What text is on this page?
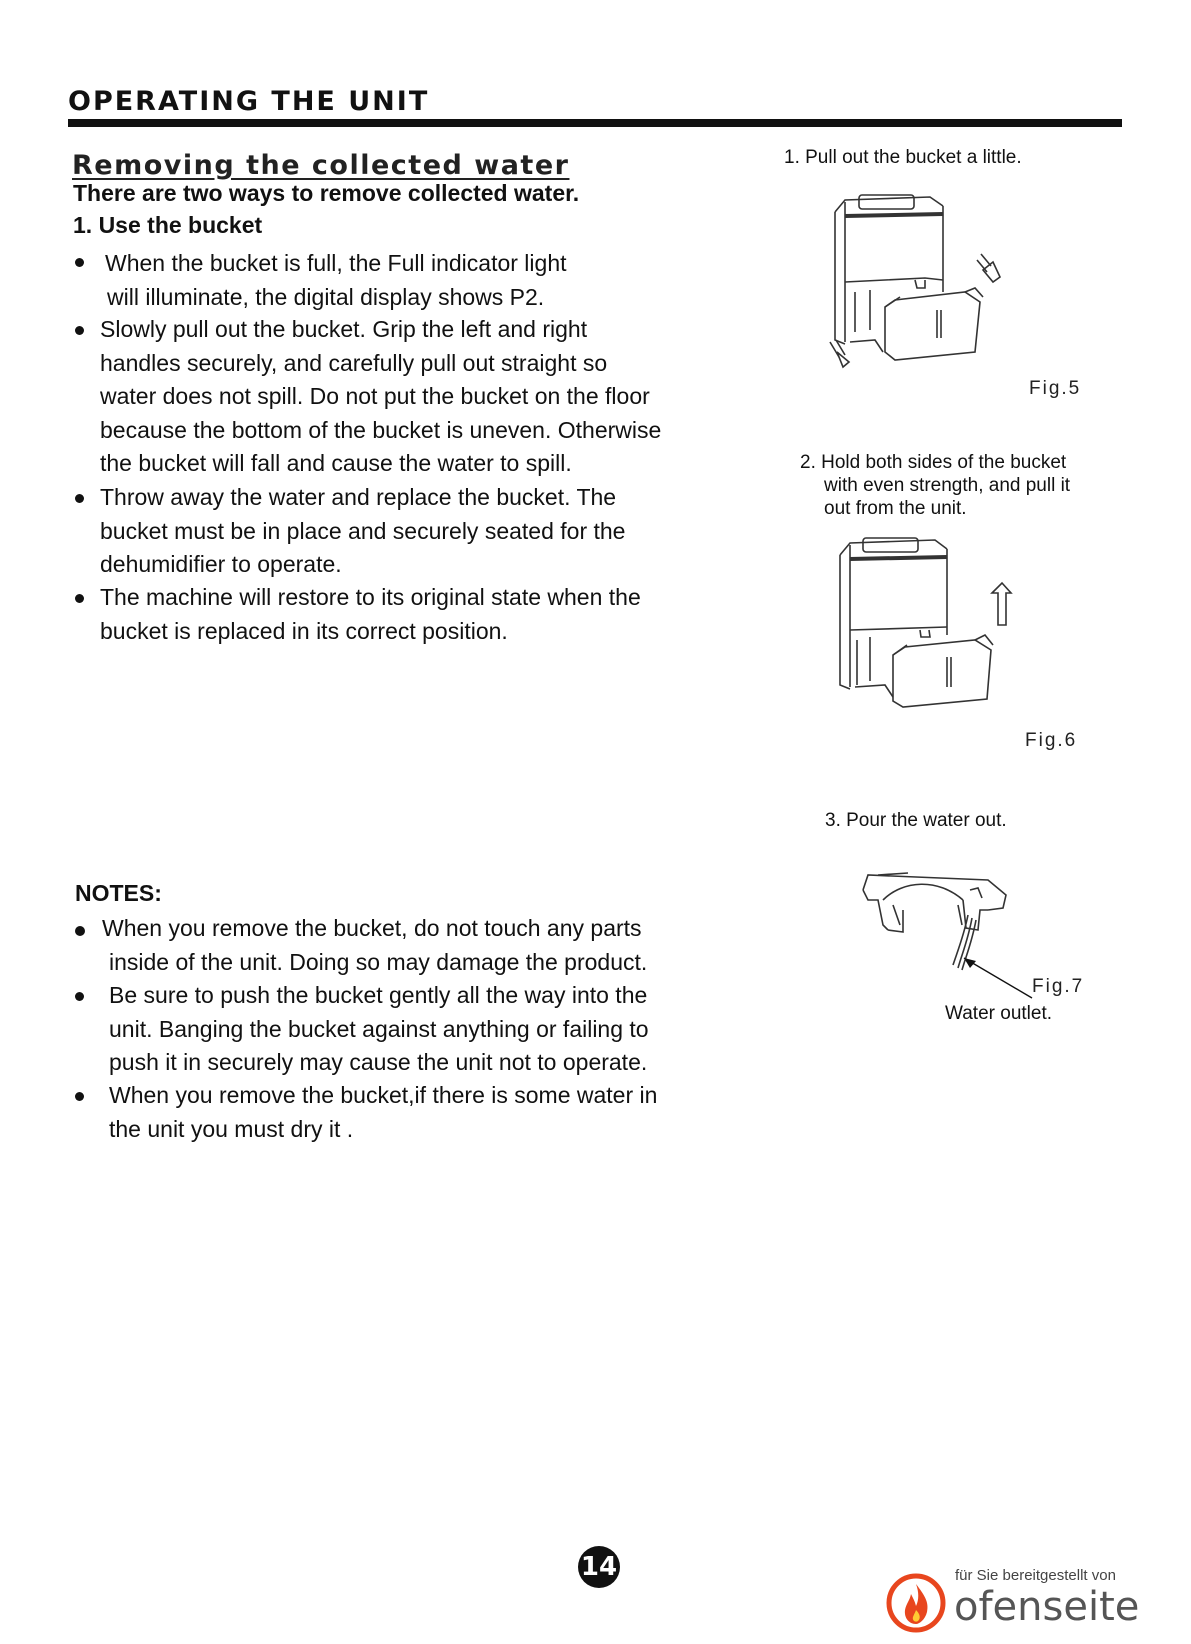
OPERATING THE UNIT
Removing the collected water
There are two ways to remove collected water.
1. Use the bucket
When the bucket is full, the Full indicator light
will illuminate, the digital display shows P2.
Slowly pull out the bucket. Grip the left and right
handles securely, and carefully pull out straight so
water does not spill. Do not put the bucket on the floor
because the bottom of the bucket is uneven. Otherwise
the bucket will fall and cause the water to spill.
Throw away the water and replace the bucket. The
bucket must be in place and securely seated for the
dehumidifier to operate.
The machine will restore to its original state when the
bucket is replaced in its correct position.
NOTES:
When you remove the bucket, do not touch any parts
inside of the unit. Doing so may damage the product.
Be sure to push the bucket gently all the way into the
unit. Banging the bucket against anything or failing to
push it in securely may cause the unit not to operate.
When you remove the bucket,if there is some water in
the unit you must dry it .
1. Pull out the bucket a little.
Fig.5
2. Hold both sides of the bucket
with even strength, and pull it
out from the unit.
Fig.6
3. Pour the water out.
Fig.7
Water outlet.
14	für Sie bereitgestellt von
ofenseite
